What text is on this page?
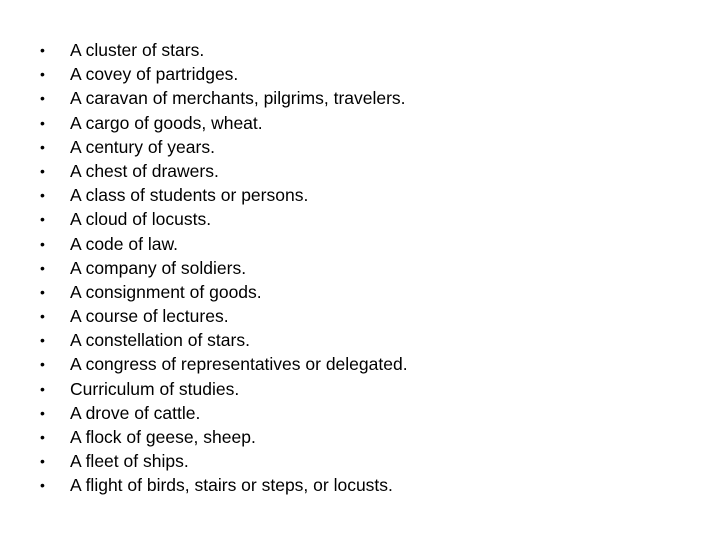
• A cluster of stars.
• A covey of partridges.
• A caravan of merchants, pilgrims, travelers.
• A cargo of goods, wheat.
• A century of years.
• A chest of drawers.
• A class of students or persons.
• A cloud of locusts.
• A code of law.
• A company of soldiers.
• A consignment of goods.
• A course of lectures.
• A constellation of stars.
• A congress of representatives or delegated.
• Curriculum of studies.
• A drove of cattle.
• A flock of geese, sheep.
• A fleet of ships.
• A flight of birds, stairs or steps, or locusts.
